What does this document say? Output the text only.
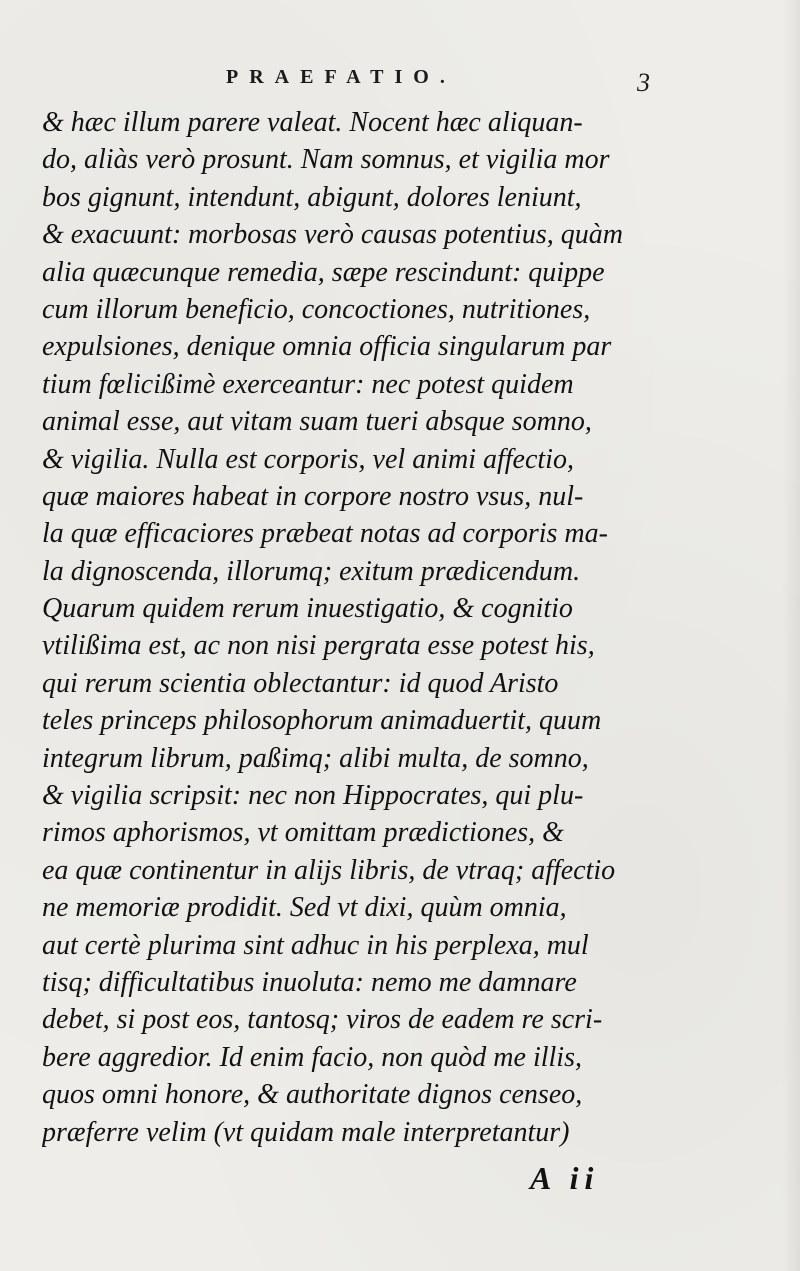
PRAEFATIO.	3
& hæc illum parere valeat. Nocent hæc aliquan-
do, aliàs verò prosunt. Nam somnus, et vigilia mor
bos gignunt, intendunt, abigunt, dolores leniunt,
& exacuunt: morbosas verò causas potentius, quàm
alia quæcunque remedia, sæpe rescindunt: quippe
cum illorum beneficio, concoctiones, nutritiones,
expulsiones, denique omnia officia singularum par
tium fœlicißimè exerceantur: nec potest quidem
animal esse, aut vitam suam tueri absque somno,
& vigilia. Nulla est corporis, vel animi affectio,
quæ maiores habeat in corpore nostro vsus, nul-
la quæ efficaciores præbeat notas ad corporis ma-
la dignoscenda, illorumq; exitum prædicendum.
Quarum quidem rerum inuestigatio, & cognitio
vtilißima est, ac non nisi pergrata esse potest his,
qui rerum scientia oblectantur: id quod Aristo
teles princeps philosophorum animaduertit, quum
integrum librum, paßimq; alibi multa, de somno,
& vigilia scripsit: nec non Hippocrates, qui plu-
rimos aphorismos, vt omittam prædictiones, &
ea quæ continentur in alijs libris, de vtraq; affectio
ne memoriæ prodidit. Sed vt dixi, quùm omnia,
aut certè plurima sint adhuc in his perplexa, mul
tisq; difficultatibus inuoluta: nemo me damnare
debet, si post eos, tantosq; viros de eadem re scri-
bere aggredior. Id enim facio, non quòd me illis,
quos omni honore, & authoritate dignos censeo,
præferre velim (vt quidam male interpretantur)
A ii
